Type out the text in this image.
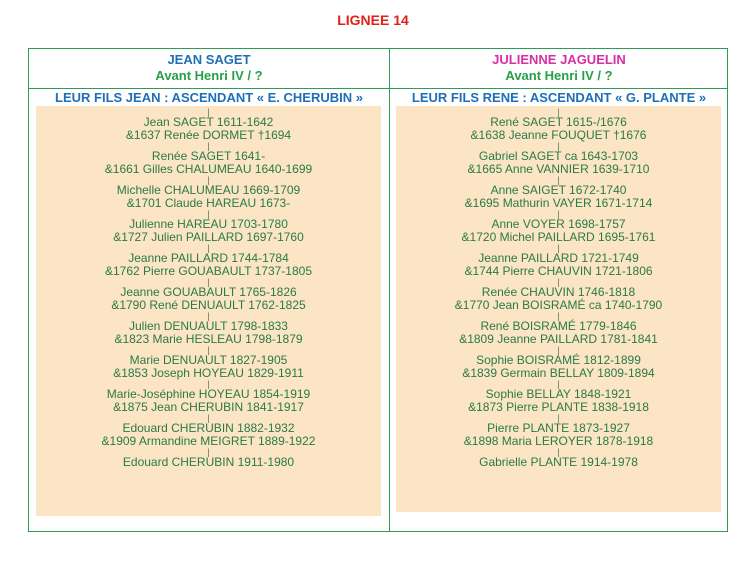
LIGNEE 14
JEAN SAGET
Avant Henri IV / ?
LEUR FILS JEAN : ASCENDANT « E. CHERUBIN »
|
Jean SAGET 1611-1642
&1637 Renée DORMET †1694
|
Renée SAGET 1641-
&1661 Gilles CHALUMEAU 1640-1699
|
Michelle CHALUMEAU 1669-1709
&1701 Claude HAREAU 1673-
|
Julienne HAREAU 1703-1780
&1727 Julien PAILLARD 1697-1760
|
Jeanne PAILLARD 1744-1784
&1762 Pierre GOUABAULT 1737-1805
|
Jeanne GOUABAULT 1765-1826
&1790 René DENUAULT 1762-1825
|
Julien DENUAULT 1798-1833
&1823 Marie HESLEAU 1798-1879
|
Marie DENUAULT 1827-1905
&1853 Joseph HOYEAU 1829-1911
|
Marie-Joséphine HOYEAU 1854-1919
&1875 Jean CHERUBIN 1841-1917
|
Edouard CHERUBIN 1882-1932
&1909 Armandine MEIGRET 1889-1922
|
Edouard CHERUBIN 1911-1980
JULIENNE JAGUELIN
Avant Henri IV / ?
LEUR FILS RENE : ASCENDANT « G. PLANTE »
|
René SAGET 1615-/1676
&1638 Jeanne FOUQUET †1676
|
Gabriel SAGET ca 1643-1703
&1665 Anne VANNIER 1639-1710
|
Anne SAIGET 1672-1740
&1695 Mathurin VAYER 1671-1714
|
Anne VOYER 1698-1757
&1720 Michel PAILLARD 1695-1761
|
Jeanne PAILLARD 1721-1749
&1744 Pierre CHAUVIN 1721-1806
|
Renée CHAUVIN 1746-1818
&1770 Jean BOISRAMÉ ca 1740-1790
|
René BOISRAMÉ 1779-1846
&1809 Jeanne PAILLARD 1781-1841
|
Sophie BOISRAMÉ 1812-1899
&1839 Germain BELLAY 1809-1894
|
Sophie BELLAY 1848-1921
&1873 Pierre PLANTE 1838-1918
|
Pierre PLANTE 1873-1927
&1898 Maria LEROYER 1878-1918
|
Gabrielle PLANTE 1914-1978
